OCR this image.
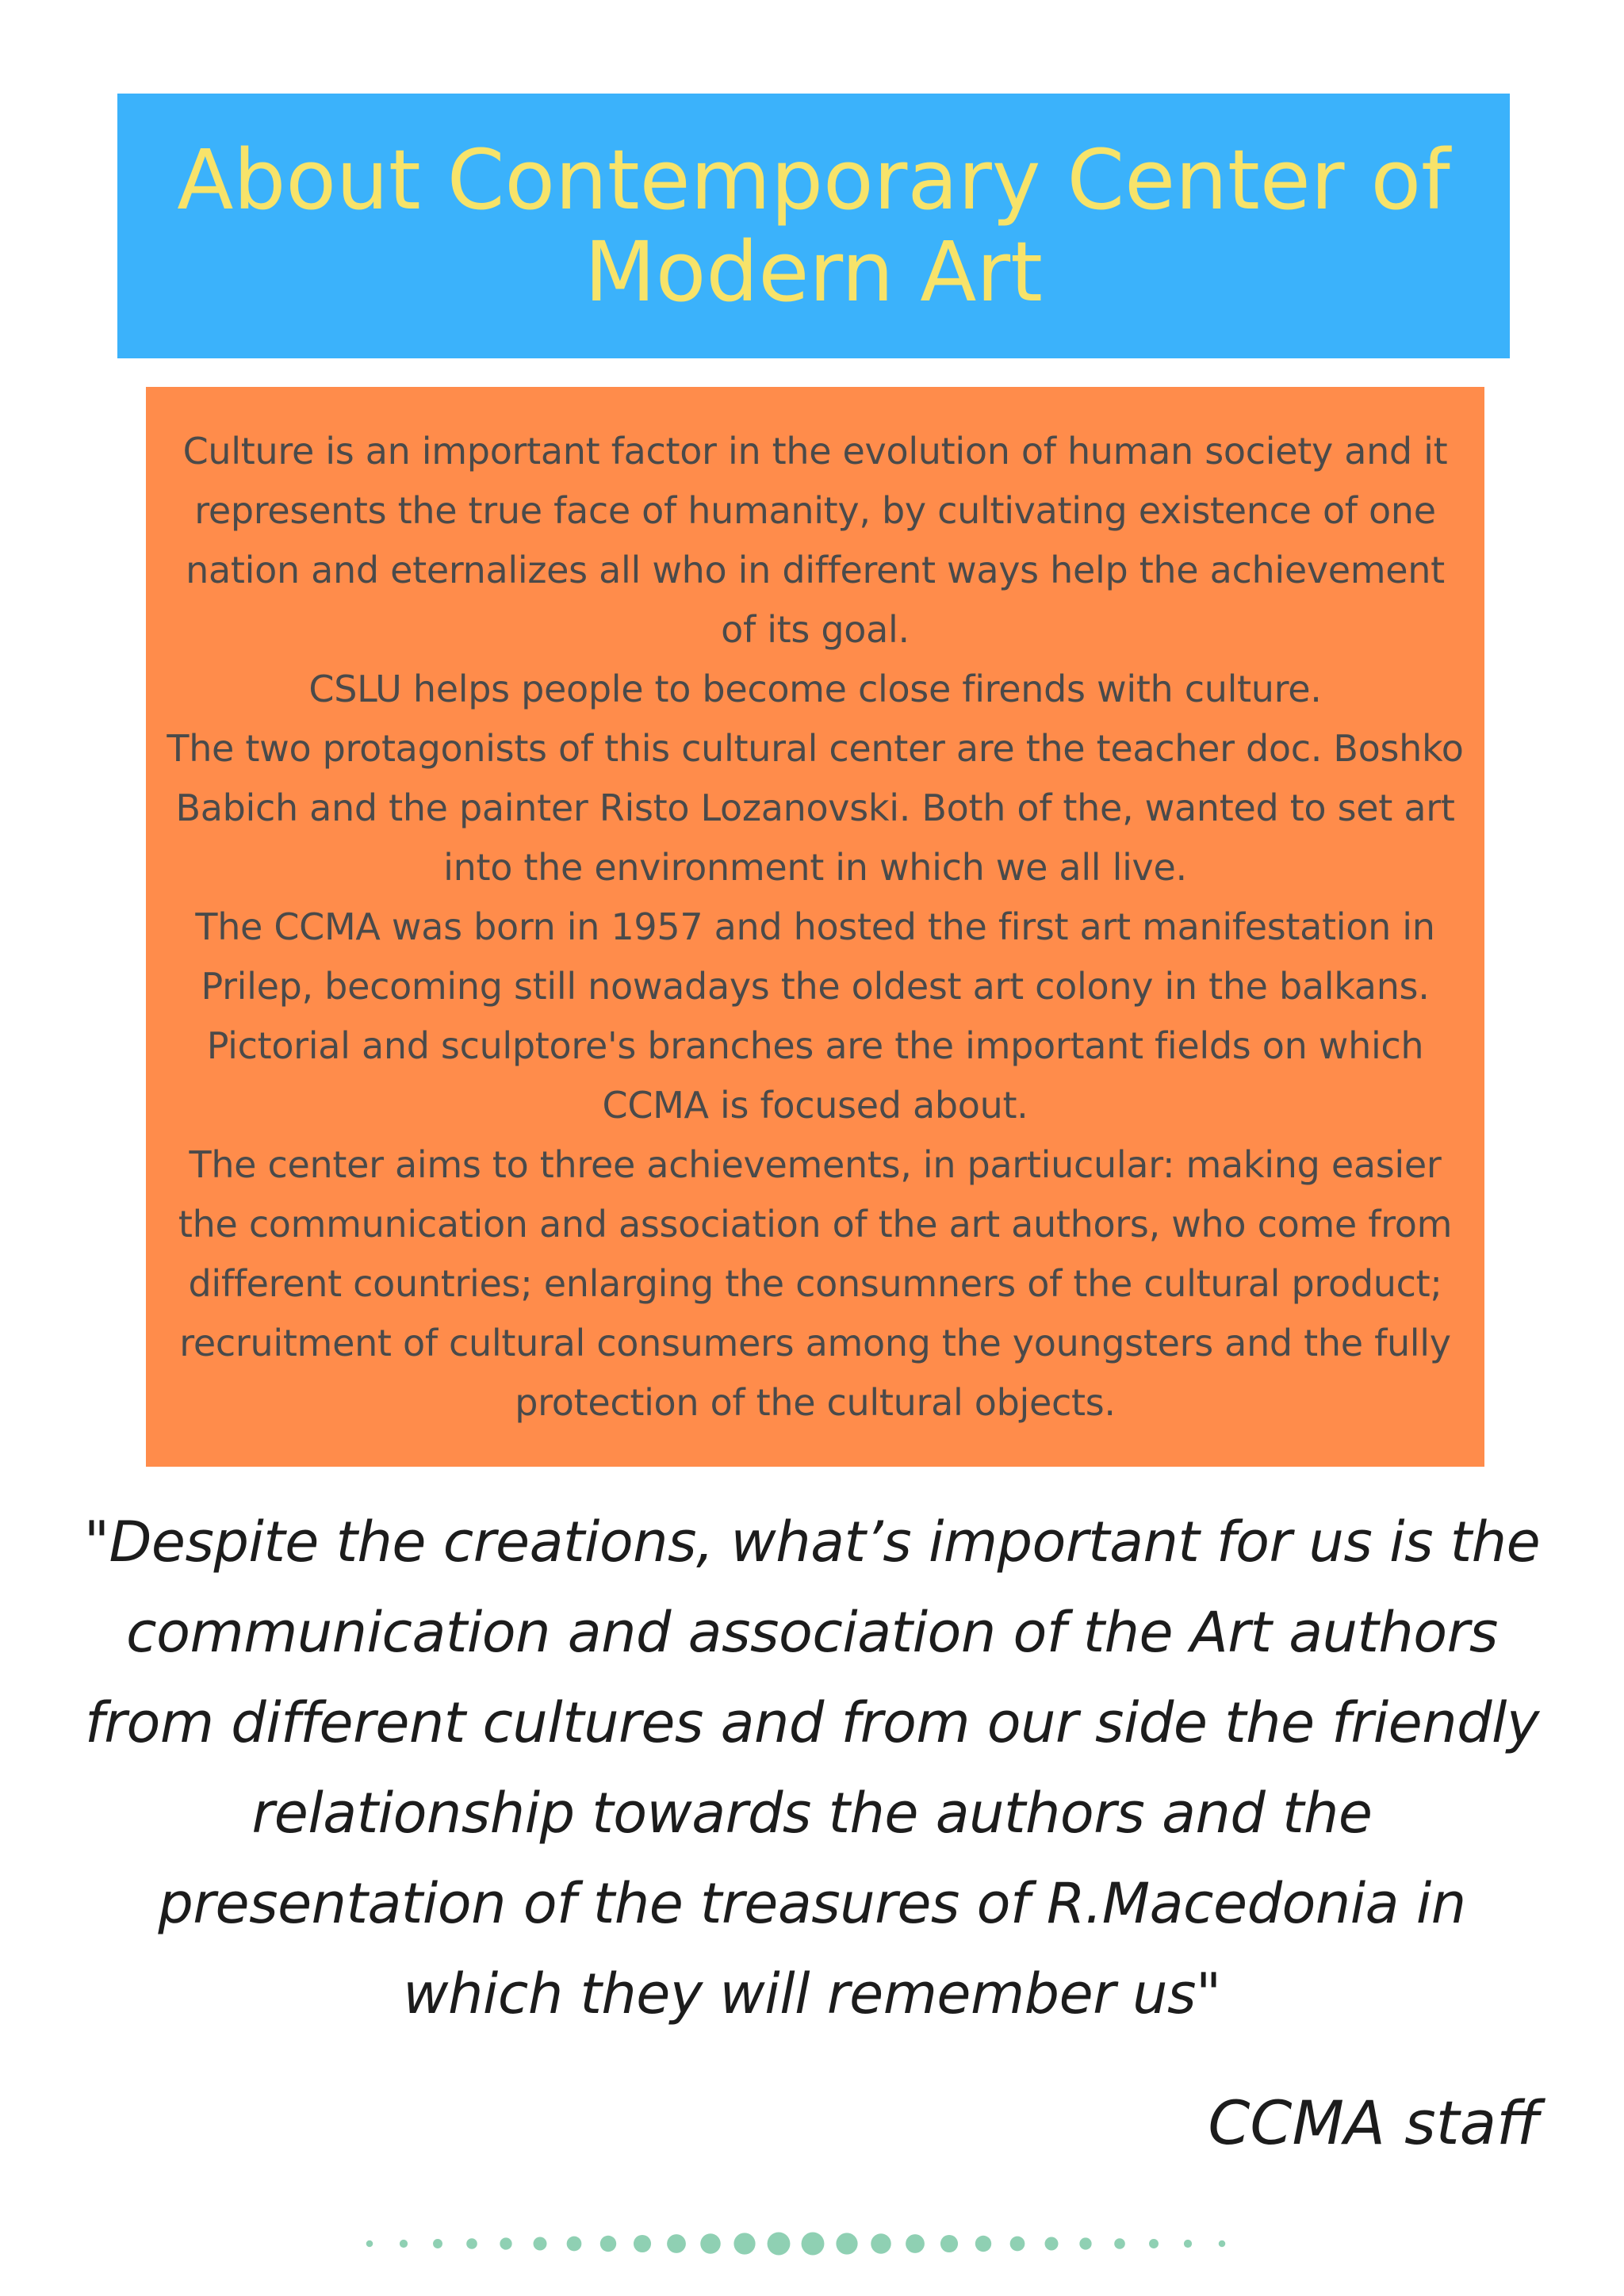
About Contemporary Center of
Modern Art

Culture is an important factor in the evolution of human society and it represents the true face of humanity, by cultivating existence of one nation and eternalizes all who in different ways help the achievement of its goal.

CSLU helps people to become close firends with culture.

The two protagonists of this cultural center are the teacher doc. Boshko Babich and the painter Risto Lozanovski. Both of the, wanted to set art into the environment in which we all live.

The CCMA was born in 1957 and hosted the first art manifestation in Prilep, becoming still nowadays the oldest art colony in the balkans. Pictorial and sculptore's branches are the important fields on which CCMA is focused about.

The center aims to three achievements, in partiucular: making easier the communication and association of the art authors, who come from different countries; enlarging the consumners of the cultural product; recruitment of cultural consumers among the youngsters and the fully protection of the cultural objects.

"Despite the creations, what’s important for us is the communication and association of the Art authors from different cultures and from our side the friendly relationship towards the authors and the presentation of the treasures of R.Macedonia in which they will remember us"
CCMA staff
